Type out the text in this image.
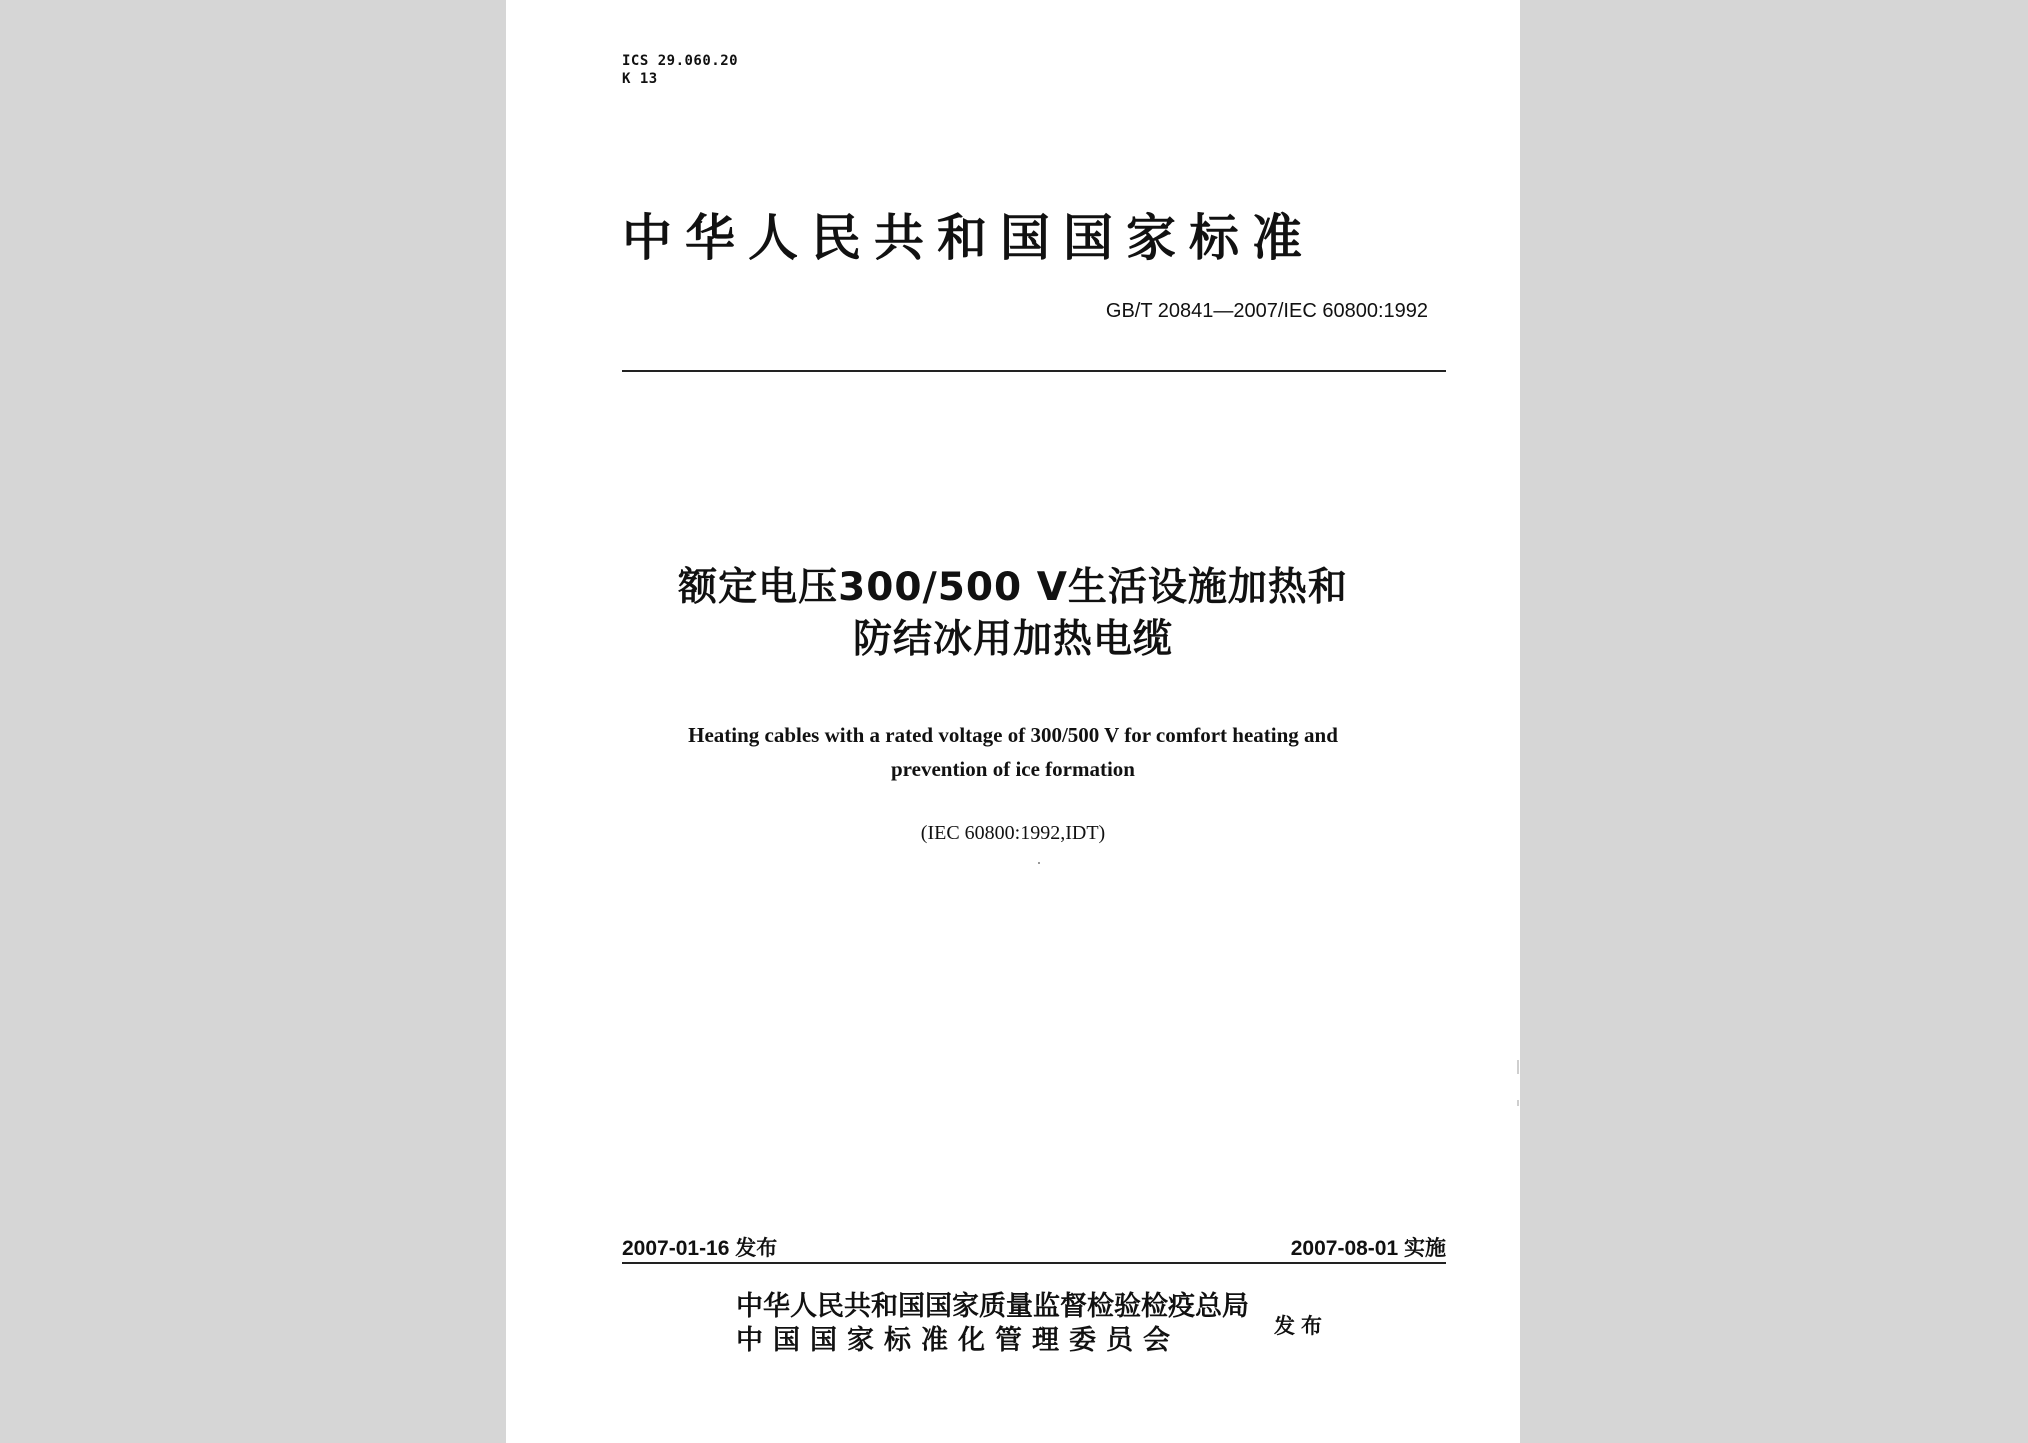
ICS 29.060.20
K 13
中华人民共和国国家标准
GB/T 20841—2007/IEC 60800:1992
额定电压300/500 V生活设施加热和
防结冰用加热电缆
Heating cables with a rated voltage of 300/500 V for comfort heating and
prevention of ice formation
(IEC 60800:1992,IDT)
2007-01-16 发布	2007-08-01 实施
中华人民共和国国家质量监督检验检疫总局
中国国家标准化管理委员会	发布
